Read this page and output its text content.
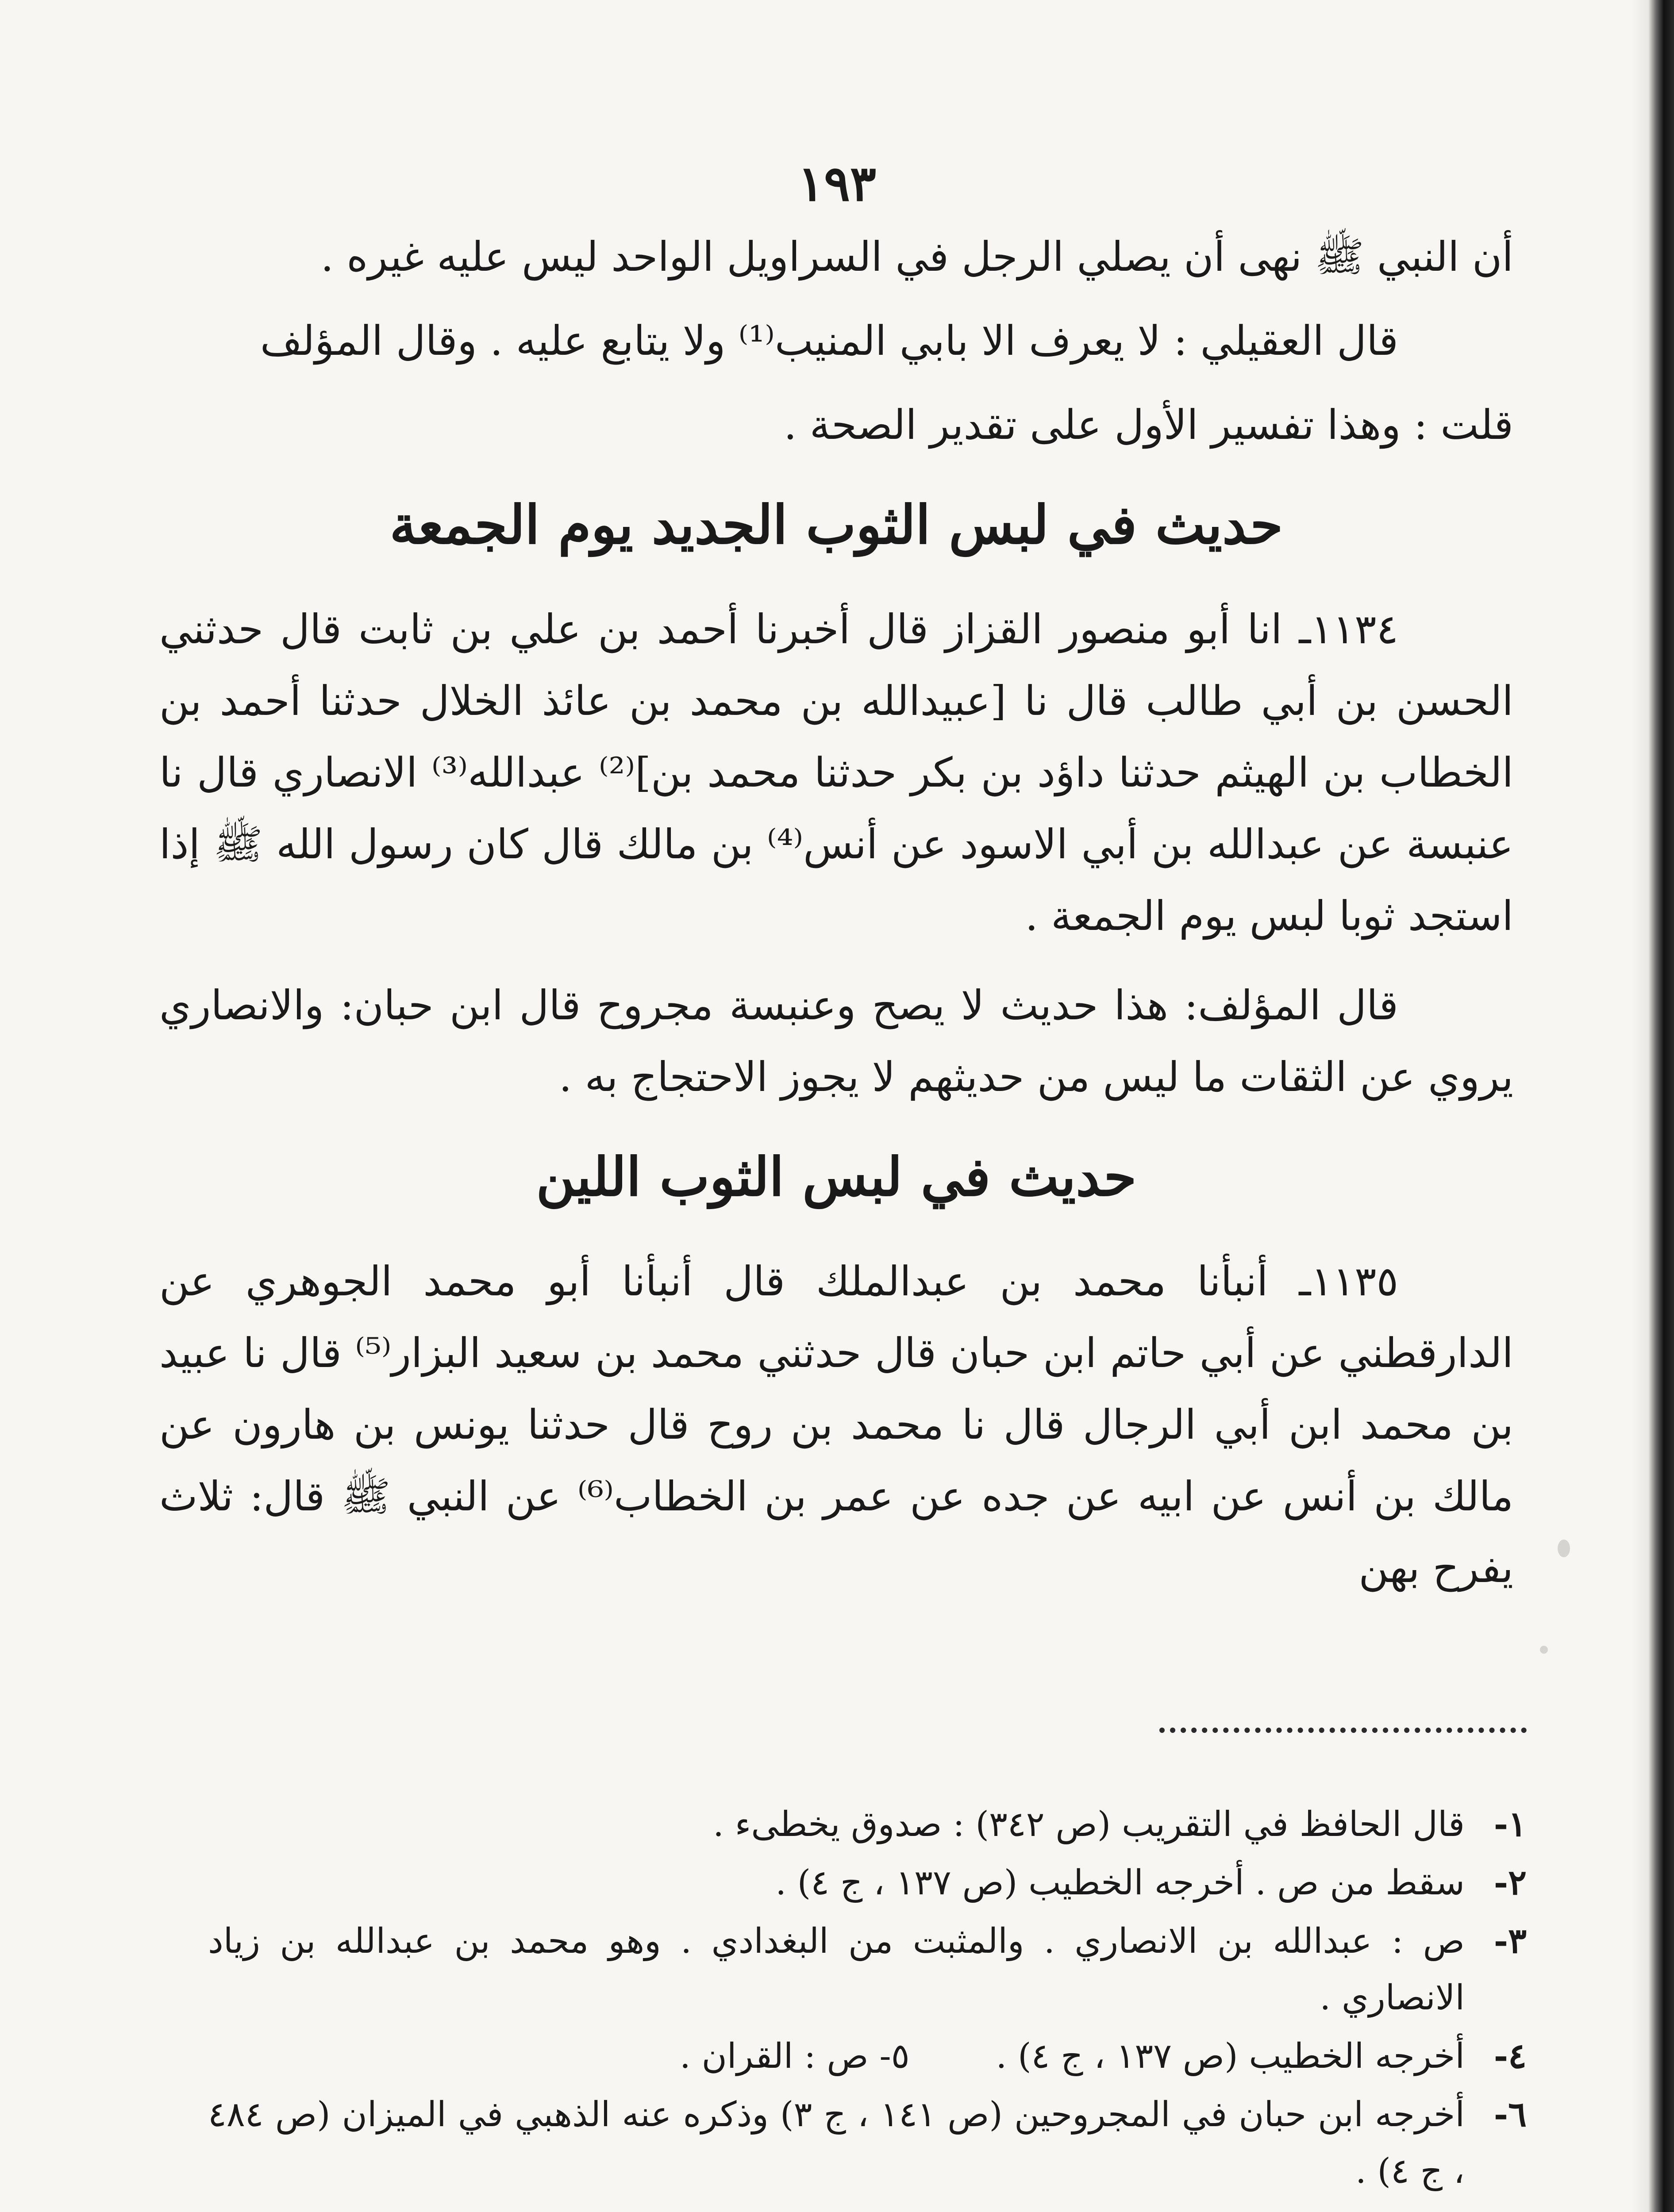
١٩٣

أن النبي ﷺ نهى أن يصلي الرجل في السراويل الواحد ليس عليه غيره .

قال العقيلي : لا يعرف الا بابي المنيب⁽¹⁾ ولا يتابع عليه . وقال المؤلف

قلت : وهذا تفسير الأول على تقدير الصحة .

حديث في لبس الثوب الجديد يوم الجمعة

١١٣٤ـ انا أبو منصور القزاز قال أخبرنا أحمد بن علي بن ثابت قال حدثني الحسن بن أبي طالب قال نا [عبيدالله بن محمد بن عائذ الخلال حدثنا أحمد بن الخطاب بن الهيثم حدثنا داؤد بن بكر حدثنا محمد بن]⁽²⁾ عبدالله⁽³⁾ الانصاري قال نا عنبسة عن عبدالله بن أبي الاسود عن أنس⁽⁴⁾ بن مالك قال كان رسول الله ﷺ إذا استجد ثوبا لبس يوم الجمعة .

قال المؤلف: هذا حديث لا يصح وعنبسة مجروح قال ابن حبان: والانصاري يروي عن الثقات ما ليس من حديثهم لا يجوز الاحتجاج به .

حديث في لبس الثوب اللين

١١٣٥ـ أنبأنا محمد بن عبدالملك قال أنبأنا أبو محمد الجوهري عن الدارقطني عن أبي حاتم ابن حبان قال حدثني محمد بن سعيد البزار⁽⁵⁾ قال نا عبيد بن محمد ابن أبي الرجال قال نا محمد بن روح قال حدثنا يونس بن هارون عن مالك بن أنس عن ابيه عن جده عن عمر بن الخطاب⁽⁶⁾ عن النبي ﷺ قال: ثلاث يفرح بهن

١-
قال الحافظ في التقريب (ص ٣٤٢) : صدوق يخطىء .
٢-
سقط من ص . أخرجه الخطيب (ص ١٣٧ ، ج ٤) .
٣-
ص : عبدالله بن الانصاري . والمثبت من البغدادي . وهو محمد بن عبدالله بن زياد الانصاري .
٤-
أخرجه الخطيب (ص ١٣٧ ، ج ٤) . ٥- ص : القران .
٦-
أخرجه ابن حبان في المجروحين (ص ١٤١ ، ج ٣) وذكره عنه الذهبي في الميزان (ص ٤٨٤ ، ج ٤) .
